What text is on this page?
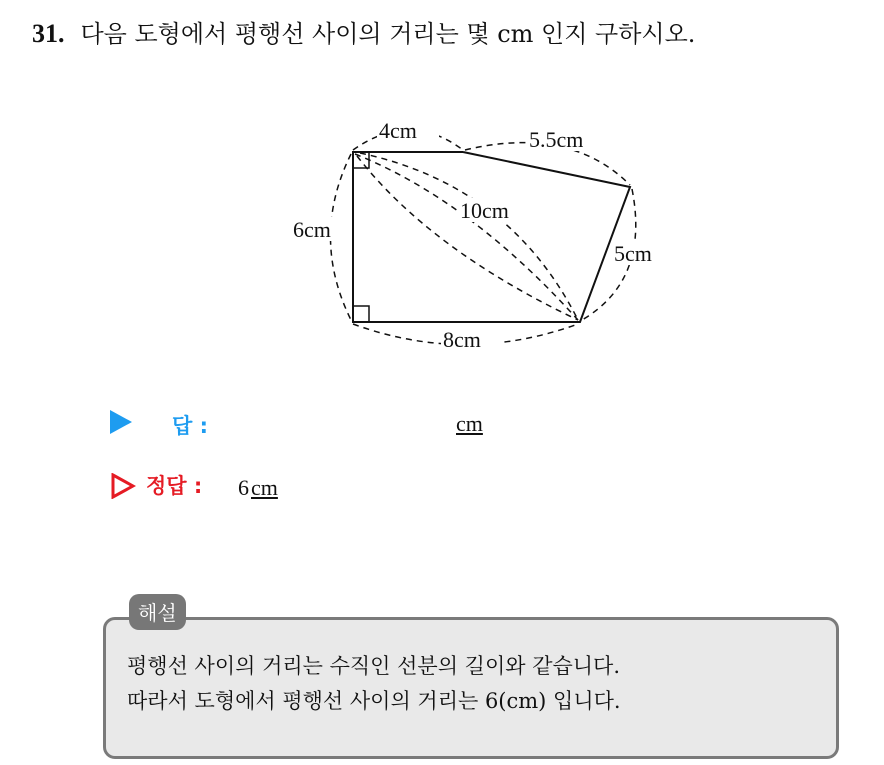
31. 다음 도형에서 평행선 사이의 거리는 몇 cm 인지 구하시오.
4cm	5.5cm
10cm
6cm
5cm
8cm
답 :	cm
정답 : 6cm
해설
평행선 사이의 거리는 수직인 선분의 길이와 같습니다.
따라서 도형에서 평행선 사이의 거리는 6(cm) 입니다.
